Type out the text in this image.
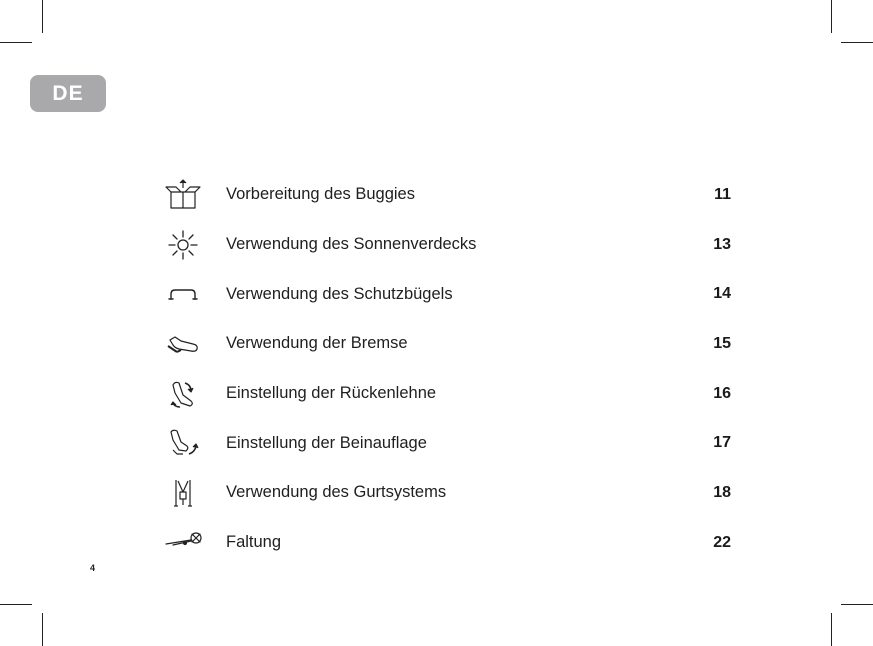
DE
Vorbereitung des Buggies	11
Verwendung des Sonnenverdecks	13
Verwendung des Schutzbügels	14
Verwendung der Bremse	15
Einstellung der Rückenlehne	16
Einstellung der Beinauflage	17
Verwendung des Gurtsystems	18
Faltung	22
4
